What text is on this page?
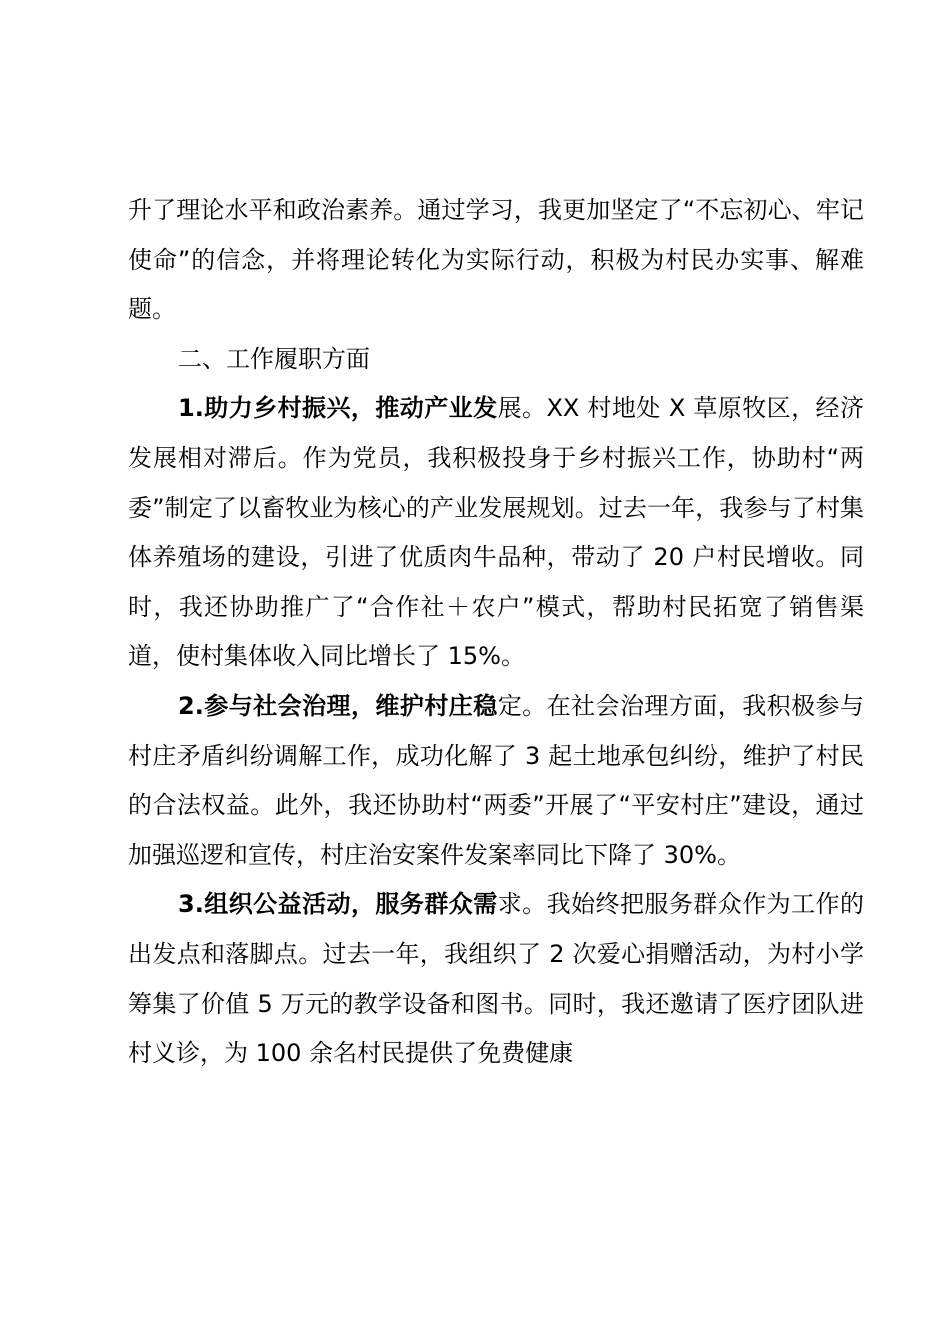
升了理论水平和政治素养。通过学习，我更加坚定了“不忘初心、牢记使命”的信念，并将理论转化为实际行动，积极为村民办实事、解难题。

二、工作履职方面

1.助力乡村振兴，推动产业发展。XX 村地处 X 草原牧区，经济发展相对滞后。作为党员，我积极投身于乡村振兴工作，协助村“两委”制定了以畜牧业为核心的产业发展规划。过去一年，我参与了村集体养殖场的建设，引进了优质肉牛品种，带动了 20 户村民增收。同时，我还协助推广了“合作社＋农户”模式，帮助村民拓宽了销售渠道，使村集体收入同比增长了 15%。

2.参与社会治理，维护村庄稳定。在社会治理方面，我积极参与村庄矛盾纠纷调解工作，成功化解了 3 起土地承包纠纷，维护了村民的合法权益。此外，我还协助村“两委”开展了“平安村庄”建设，通过加强巡逻和宣传，村庄治安案件发案率同比下降了 30%。

3.组织公益活动，服务群众需求。我始终把服务群众作为工作的出发点和落脚点。过去一年，我组织了 2 次爱心捐赠活动，为村小学筹集了价值 5 万元的教学设备和图书。同时，我还邀请了医疗团队进村义诊，为 100 余名村民提供了免费健康
